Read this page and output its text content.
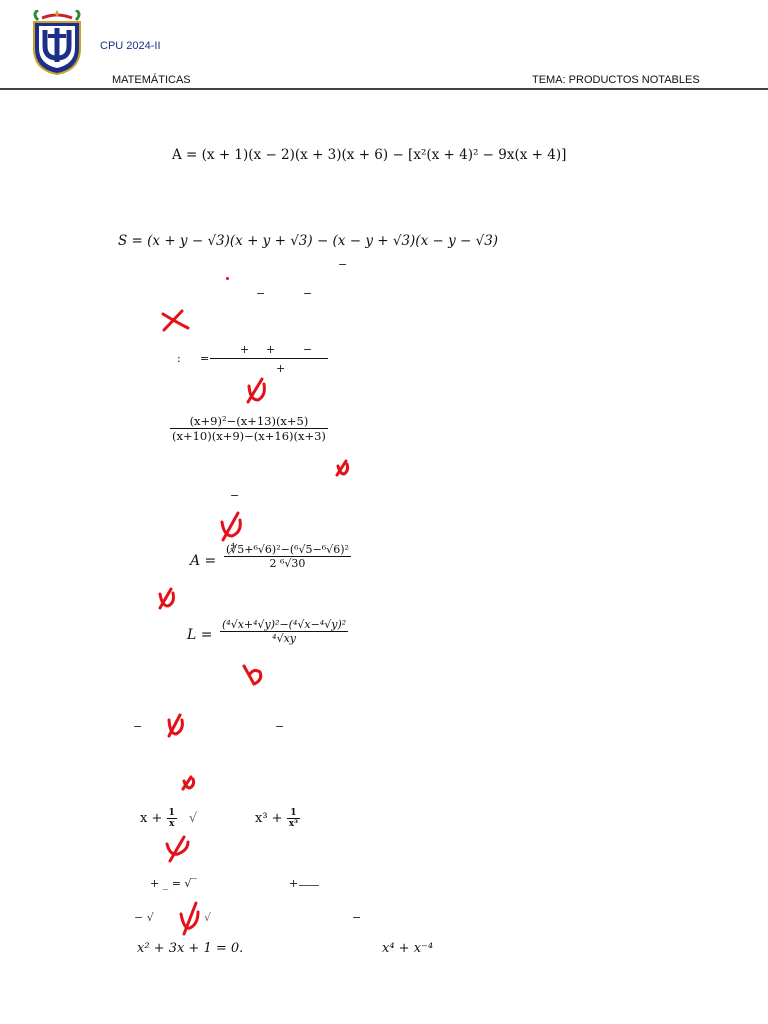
CPU 2024-II
MATEMÁTICAS	TEMA: PRODUCTOS NOTABLES
A = (x + 1)(x − 2)(x + 3)(x + 6) − [x²(x + 4)² − 9x(x + 4)]
S = (x + y − √3)(x + y + √3) − (x − y + √3)(x − y − √3)
−
−	−
: =
+ +	−
+
$\frac{\text{(x+9)²−(x+13)(x+5)}}{(x+10)(x+9)-(x+16)(x+3)}$
−
$A = \frac{\text{(∜̸5+⁶√6)²−(⁶√5−⁶√6)²}}{\text{2 ⁶√30}}$
$L = \frac{\text{(⁴√x+⁴√y)²−(⁴√x−⁴√y)²}}{\text{⁴√xy}}$
−	−
$x + \frac{1}{x}$ √	$x^3 + \frac{1}{\text{x³}}$
+ _ = √‾	+
− √	√	−
x² + 3x + 1 = 0.	x⁴ + x⁻⁴
